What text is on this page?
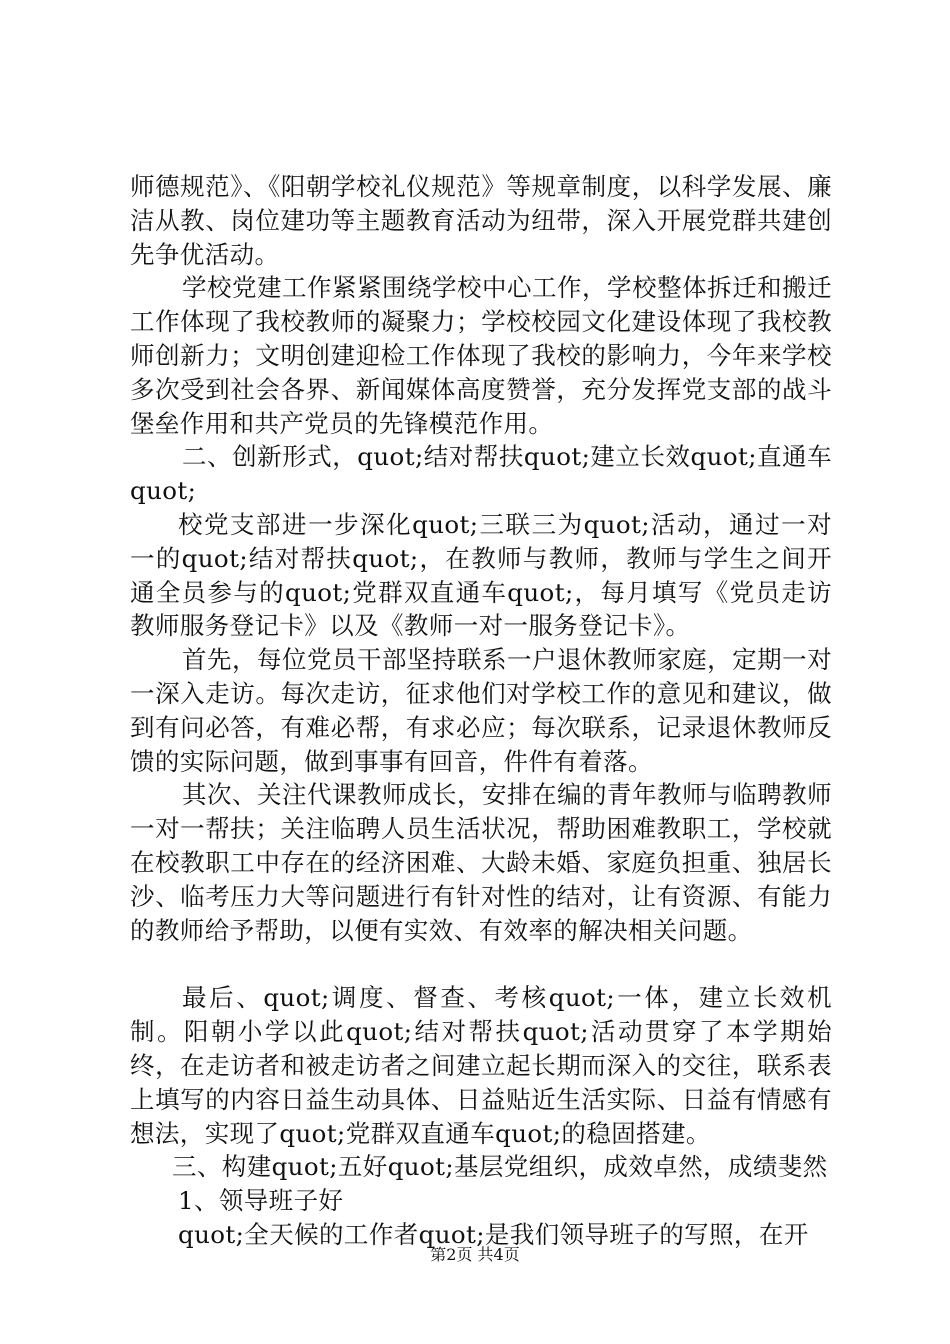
师德规范》、《阳朝学校礼仪规范》等规章制度，以科学发展、廉洁从教、岗位建功等主题教育活动为纽带，深入开展党群共建创先争优活动。

学校党建工作紧紧围绕学校中心工作，学校整体拆迁和搬迁工作体现了我校教师的凝聚力；学校校园文化建设体现了我校教师创新力；文明创建迎检工作体现了我校的影响力，今年来学校多次受到社会各界、新闻媒体高度赞誉，充分发挥党支部的战斗堡垒作用和共产党员的先锋模范作用。

二、创新形式，quot;结对帮扶quot;建立长效quot;直通车quot;

校党支部进一步深化quot;三联三为quot;活动，通过一对一的quot;结对帮扶quot;，在教师与教师，教师与学生之间开通全员参与的quot;党群双直通车quot;，每月填写《党员走访教师服务登记卡》以及《教师一对一服务登记卡》。

首先，每位党员干部坚持联系一户退休教师家庭，定期一对一深入走访。每次走访，征求他们对学校工作的意见和建议，做到有问必答，有难必帮，有求必应；每次联系，记录退休教师反馈的实际问题，做到事事有回音，件件有着落。

其次、关注代课教师成长，安排在编的青年教师与临聘教师一对一帮扶；关注临聘人员生活状况，帮助困难教职工，学校就在校教职工中存在的经济困难、大龄未婚、家庭负担重、独居长沙、临考压力大等问题进行有针对性的结对，让有资源、有能力的教师给予帮助，以便有实效、有效率的解决相关问题。

最后、quot;调度、督查、考核quot;一体，建立长效机制。阳朝小学以此quot;结对帮扶quot;活动贯穿了本学期始终，在走访者和被走访者之间建立起长期而深入的交往，联系表上填写的内容日益生动具体、日益贴近生活实际、日益有情感有想法，实现了quot;党群双直通车quot;的稳固搭建。

三、构建quot;五好quot;基层党组织，成效卓然，成绩斐然

1、领导班子好

quot;全天候的工作者quot;是我们领导班子的写照，在开

第2页 共4页
